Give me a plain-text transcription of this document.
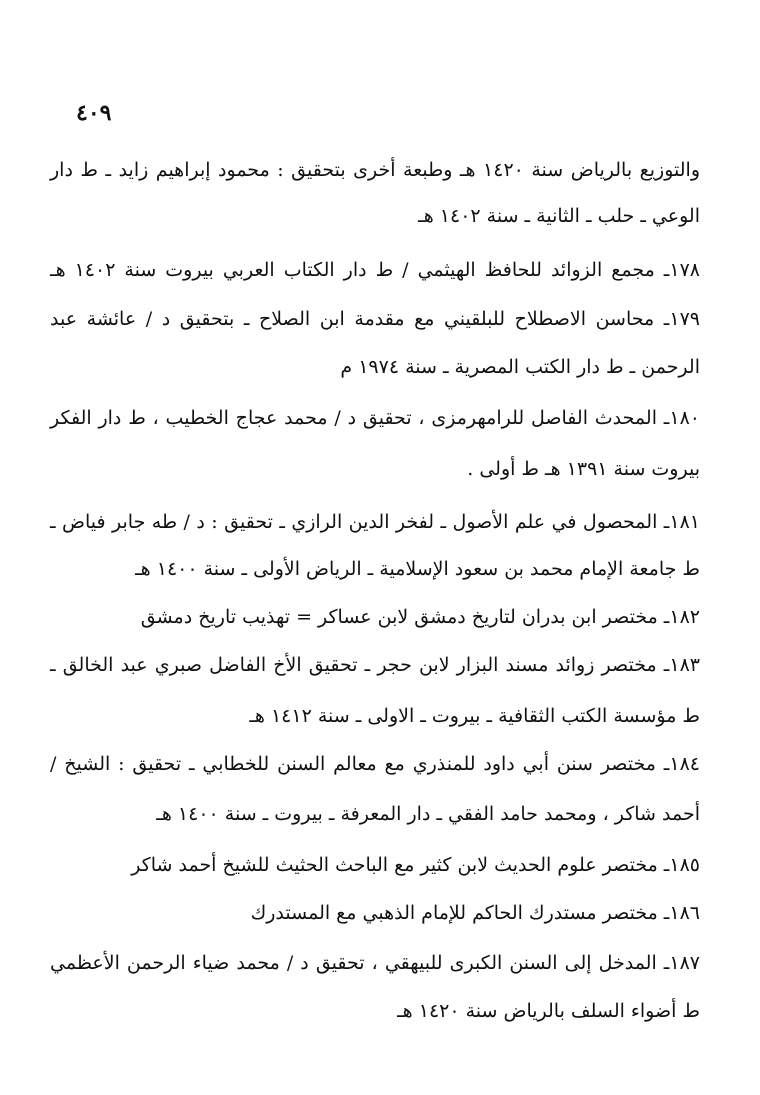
٤٠٩
والتوزيع بالرياض سنة ١٤٢٠ هـ وطبعة أخرى بتحقيق : محمود إبراهيم زايد ـ ط دار
الوعي ـ حلب ـ الثانية ـ سنة ١٤٠٢ هـ
١٧٨ـ مجمع الزوائد للحافظ الهيثمي / ط دار الكتاب العربي بيروت سنة ١٤٠٢ هـ
١٧٩ـ محاسن الاصطلاح للبلقيني مع مقدمة ابن الصلاح ـ بتحقيق د / عائشة عبد
الرحمن ـ ط دار الكتب المصرية ـ سنة ١٩٧٤ م
١٨٠ـ المحدث الفاصل للرامهرمزى ، تحقيق د / محمد عجاج الخطيب ، ط دار الفكر
بيروت سنة ١٣٩١ هـ ط أولى .
١٨١ـ المحصول في علم الأصول ـ لفخر الدين الرازي ـ تحقيق : د / طه جابر فياض ـ
ط جامعة الإمام محمد بن سعود الإسلامية ـ الرياض الأولى ـ سنة ١٤٠٠ هـ
١٨٢ـ مختصر ابن بدران لتاريخ دمشق لابن عساكر = تهذيب تاريخ دمشق
١٨٣ـ مختصر زوائد مسند البزار لابن حجر ـ تحقيق الأخ الفاضل صبري عبد الخالق ـ
ط مؤسسة الكتب الثقافية ـ بيروت ـ الاولى ـ سنة ١٤١٢ هـ
١٨٤ـ مختصر سنن أبي داود للمنذري مع معالم السنن للخطابي ـ تحقيق : الشيخ /
أحمد شاكر ، ومحمد حامد الفقي ـ دار المعرفة ـ بيروت ـ سنة ١٤٠٠ هـ
١٨٥ـ مختصر علوم الحديث لابن كثير مع الباحث الحثيث للشيخ أحمد شاكر
١٨٦ـ مختصر مستدرك الحاكم للإمام الذهبي مع المستدرك
١٨٧ـ المدخل إلى السنن الكبرى للبيهقي ، تحقيق د / محمد ضياء الرحمن الأعظمي
ط أضواء السلف بالرياض سنة ١٤٢٠ هـ
